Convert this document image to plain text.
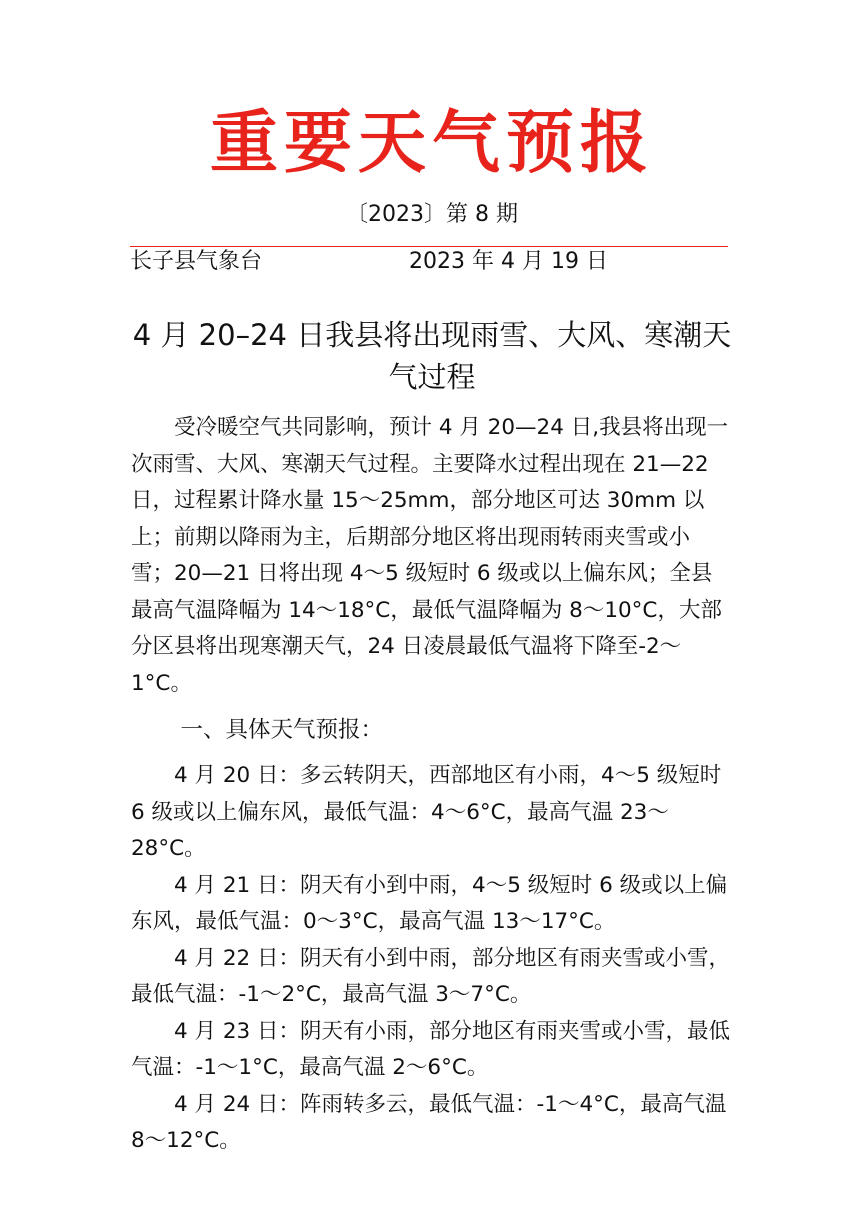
重要天气预报
〔2023〕第 8 期
长子县气象台	2023 年 4 月 19 日
4 月 20–24 日我县将出现雨雪、大风、寒潮天气过程

受冷暖空气共同影响，预计 4 月 20—24 日,我县将出现一次雨雪、大风、寒潮天气过程。主要降水过程出现在 21—22 日，过程累计降水量 15～25mm，部分地区可达 30mm 以上；前期以降雨为主，后期部分地区将出现雨转雨夹雪或小雪；20—21 日将出现 4～5 级短时 6 级或以上偏东风；全县最高气温降幅为 14～18°C，最低气温降幅为 8～10°C，大部分区县将出现寒潮天气，24 日凌晨最低气温将下降至-2～1°C。

一、具体天气预报：

4 月 20 日：多云转阴天，西部地区有小雨，4～5 级短时 6 级或以上偏东风，最低气温：4～6°C，最高气温 23～28°C。

4 月 21 日：阴天有小到中雨，4～5 级短时 6 级或以上偏东风，最低气温：0～3°C，最高气温 13～17°C。

4 月 22 日：阴天有小到中雨，部分地区有雨夹雪或小雪，最低气温：-1～2°C，最高气温 3～7°C。

4 月 23 日：阴天有小雨，部分地区有雨夹雪或小雪，最低气温：-1～1°C，最高气温 2～6°C。

4 月 24 日：阵雨转多云，最低气温：-1～4°C，最高气温 8～12°C。
